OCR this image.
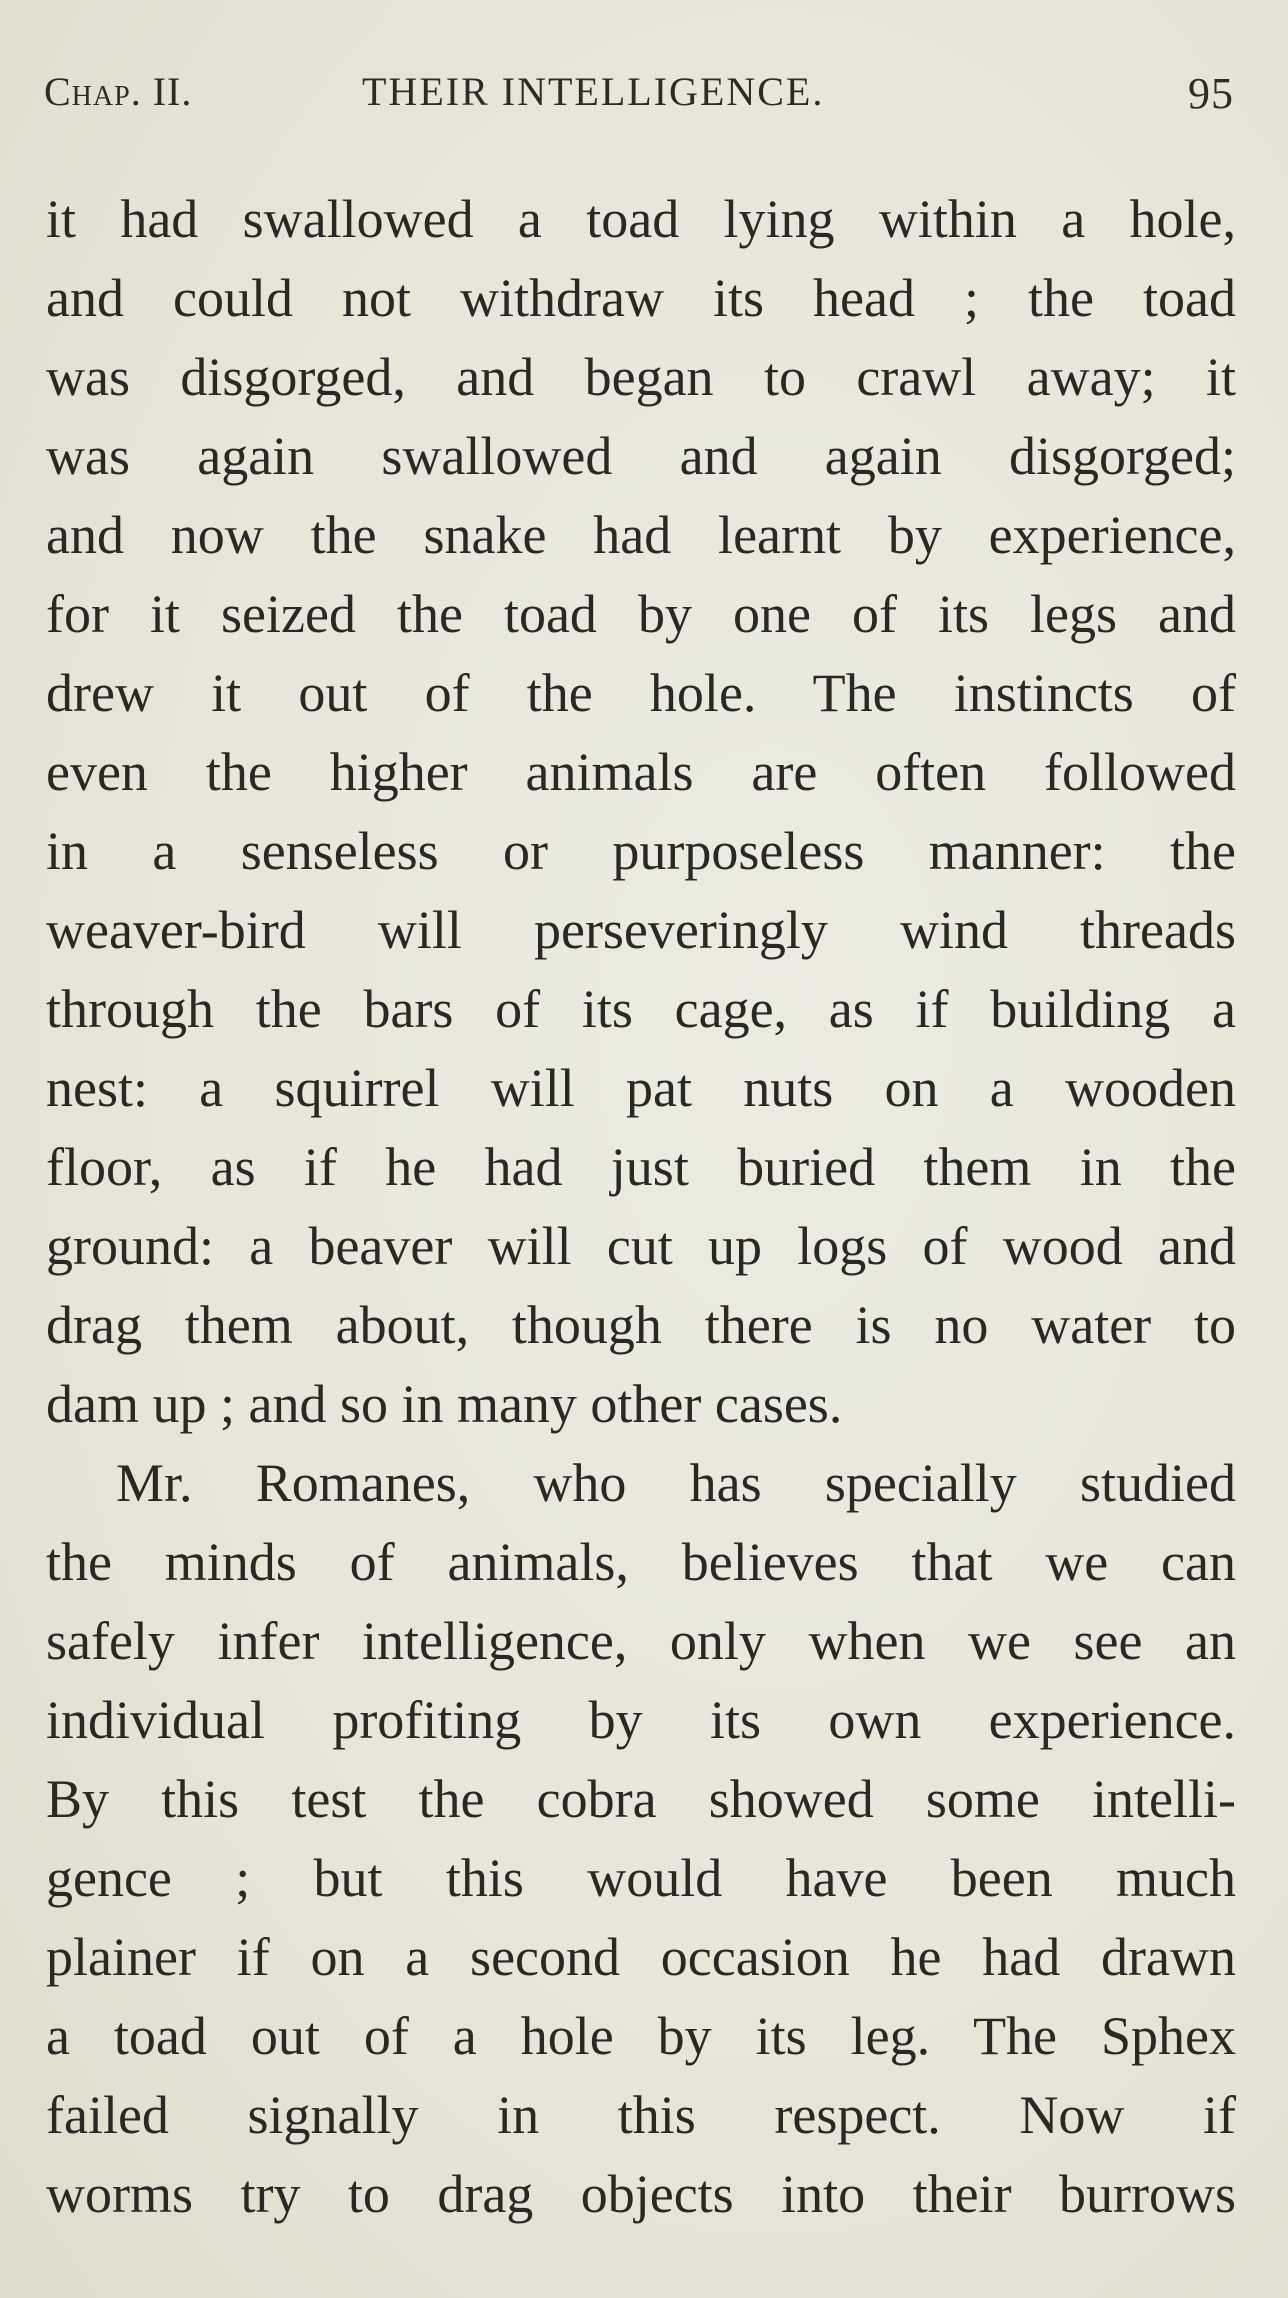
Chap. II.	THEIR INTELLIGENCE.	95
it had swallowed a toad lying within a hole,
and could not withdraw its head ; the toad
was disgorged, and began to crawl away; it
was again swallowed and again disgorged;
and now the snake had learnt by experience,
for it seized the toad by one of its legs and
drew it out of the hole. The instincts of
even the higher animals are often followed
in a senseless or purposeless manner: the
weaver-bird will perseveringly wind threads
through the bars of its cage, as if building a
nest: a squirrel will pat nuts on a wooden
floor, as if he had just buried them in the
ground: a beaver will cut up logs of wood and
drag them about, though there is no water to
dam up ; and so in many other cases.
Mr. Romanes, who has specially studied
the minds of animals, believes that we can
safely infer intelligence, only when we see an
individual profiting by its own experience.
By this test the cobra showed some intelli-
gence ; but this would have been much
plainer if on a second occasion he had drawn
a toad out of a hole by its leg. The Sphex
failed signally in this respect. Now if
worms try to drag objects into their burrows
